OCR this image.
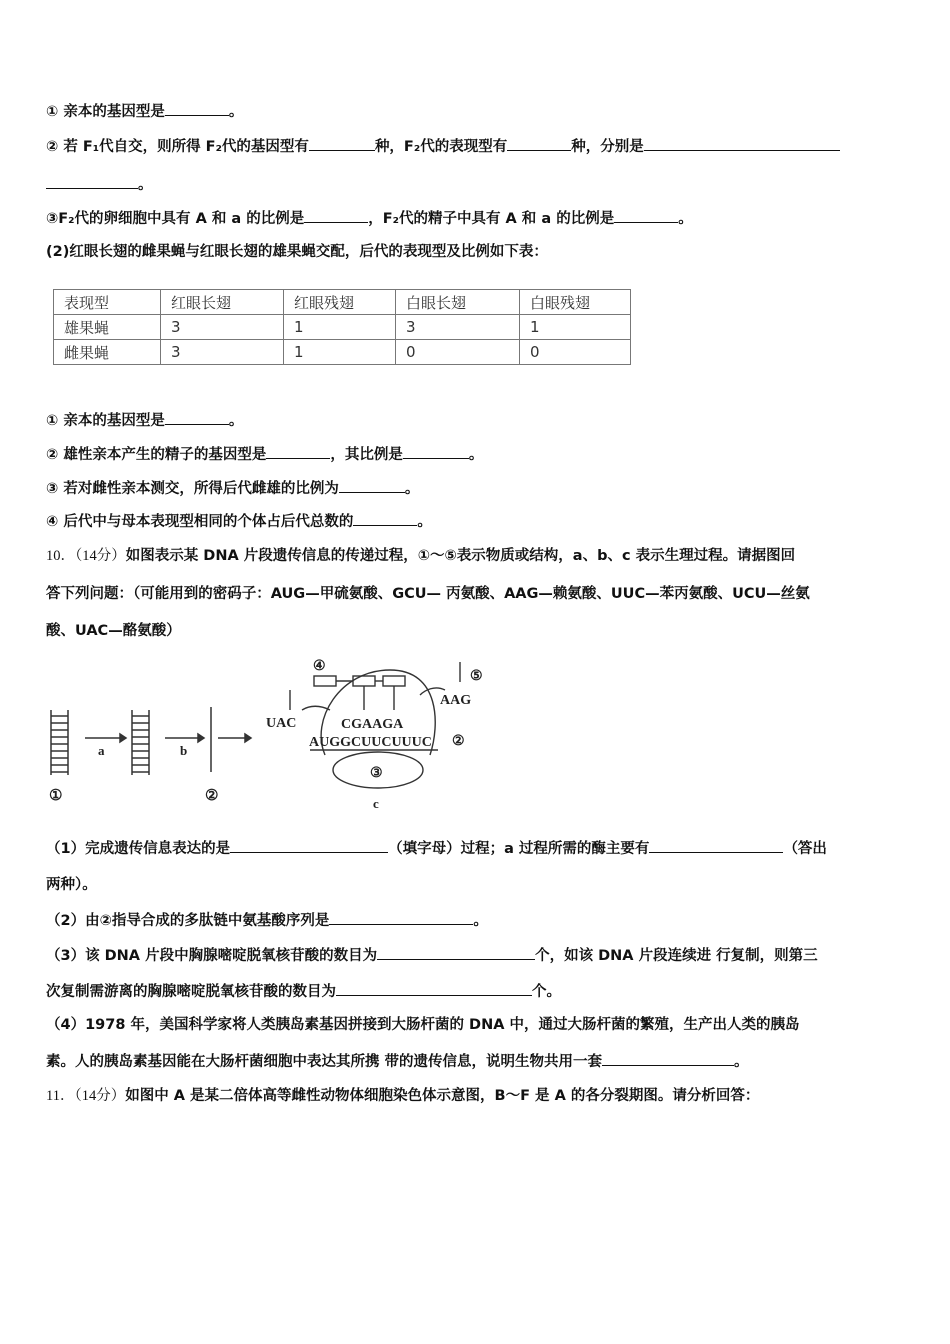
① 亲本的基因型是	。
② 若 F₁代自交，则所得 F₂代的基因型有	种，F₂代的表现型有	种，分别是
。
③F₂代的卵细胞中具有 A 和 a 的比例是	，F₂代的精子中具有 A 和 a 的比例是	。
(2)红眼长翅的雌果蝇与红眼长翅的雄果蝇交配，后代的表现型及比例如下表：
表现型	红眼长翅	红眼残翅	白眼长翅	白眼残翅
雄果蝇	3	1	3	1
雌果蝇	3	1	0	0
① 亲本的基因型是	。
② 雄性亲本产生的精子的基因型是	，其比例是	。
③ 若对雌性亲本测交，所得后代雌雄的比例为	。
④ 后代中与母本表现型相同的个体占后代总数的	。
10．（14分）如图表示某 DNA 片段遗传信息的传递过程，①～⑤表示物质或结构，a、b、c 表示生理过程。请据图回
答下列问题：（可能用到的密码子：AUG—甲硫氨酸、GCU— 丙氨酸、AAG—赖氨酸、UUC—苯丙氨酸、UCU—丝氨
酸、UAC—酪氨酸）
①	②
a	b
c
④
⑤
③
②
UAC
AAG
CGAAGA
AUGGCUUCUUUC
（1）完成遗传信息表达的是	（填字母）过程；a 过程所需的酶主要有	（答出
两种）。
（2）由②指导合成的多肽链中氨基酸序列是	。
（3）该 DNA 片段中胸腺嘧啶脱氧核苷酸的数目为	个，如该 DNA 片段连续进 行复制，则第三
次复制需游离的胸腺嘧啶脱氧核苷酸的数目为	个。
（4）1978 年，美国科学家将人类胰岛素基因拼接到大肠杆菌的 DNA 中，通过大肠杆菌的繁殖，生产出人类的胰岛
素。人的胰岛素基因能在大肠杆菌细胞中表达其所携 带的遗传信息，说明生物共用一套	。
11．（14分）如图中 A 是某二倍体高等雌性动物体细胞染色体示意图，B～F 是 A 的各分裂期图。请分析回答：
